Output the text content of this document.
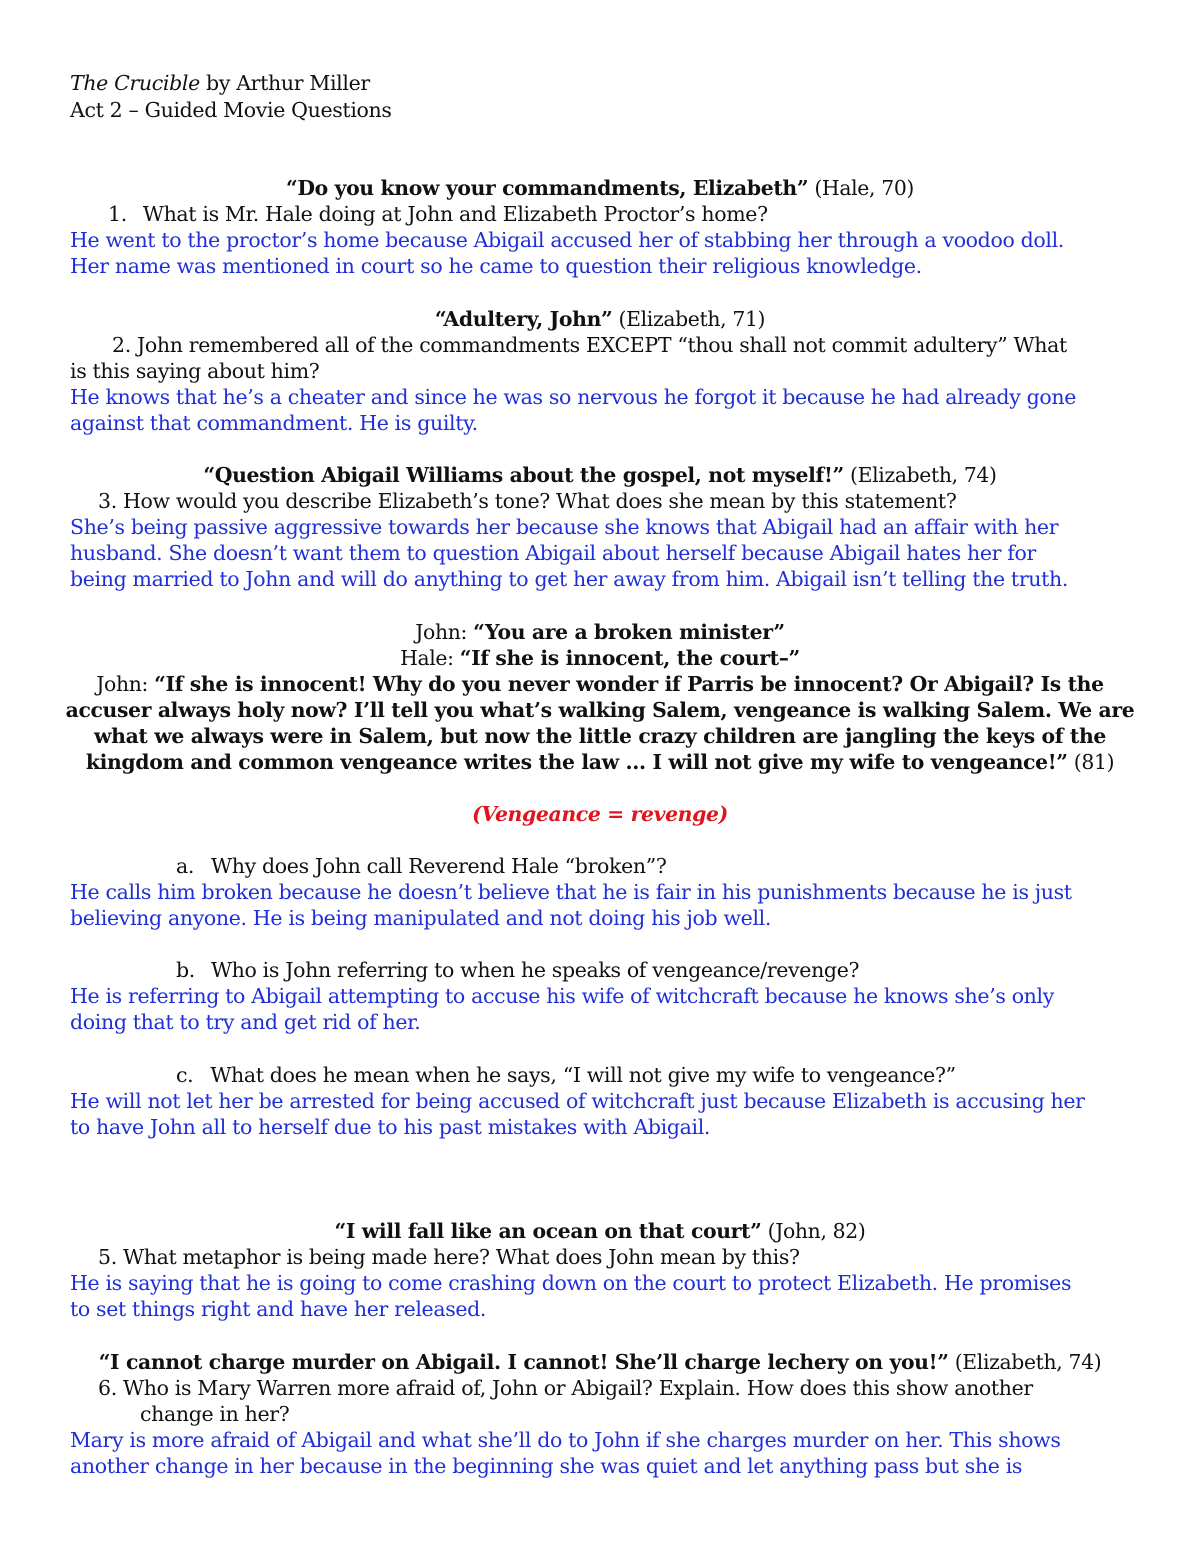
The Crucible by Arthur Miller
Act 2 – Guided Movie Questions
“Do you know your commandments, Elizabeth” (Hale, 70)
1. What is Mr. Hale doing at John and Elizabeth Proctor’s home?
He went to the proctor’s home because Abigail accused her of stabbing her through a voodoo doll.
Her name was mentioned in court so he came to question their religious knowledge.
“Adultery, John” (Elizabeth, 71)
2. John remembered all of the commandments EXCEPT “thou shall not commit adultery” What
is this saying about him?
He knows that he’s a cheater and since he was so nervous he forgot it because he had already gone
against that commandment. He is guilty.
“Question Abigail Williams about the gospel, not myself!” (Elizabeth, 74)
3. How would you describe Elizabeth’s tone? What does she mean by this statement?
She’s being passive aggressive towards her because she knows that Abigail had an affair with her
husband. She doesn’t want them to question Abigail about herself because Abigail hates her for
being married to John and will do anything to get her away from him. Abigail isn’t telling the truth.
John: “You are a broken minister”
Hale: “If she is innocent, the court–”
John: “If she is innocent! Why do you never wonder if Parris be innocent? Or Abigail? Is the
accuser always holy now? I’ll tell you what’s walking Salem, vengeance is walking Salem. We are
what we always were in Salem, but now the little crazy children are jangling the keys of the
kingdom and common vengeance writes the law ... I will not give my wife to vengeance!” (81)
(Vengeance = revenge)
a. Why does John call Reverend Hale “broken”?
He calls him broken because he doesn’t believe that he is fair in his punishments because he is just
believing anyone. He is being manipulated and not doing his job well.
b. Who is John referring to when he speaks of vengeance/revenge?
He is referring to Abigail attempting to accuse his wife of witchcraft because he knows she’s only
doing that to try and get rid of her.
c. What does he mean when he says, “I will not give my wife to vengeance?”
He will not let her be arrested for being accused of witchcraft just because Elizabeth is accusing her
to have John all to herself due to his past mistakes with Abigail.
“I will fall like an ocean on that court” (John, 82)
5. What metaphor is being made here? What does John mean by this?
He is saying that he is going to come crashing down on the court to protect Elizabeth. He promises
to set things right and have her released.
“I cannot charge murder on Abigail. I cannot! She’ll charge lechery on you!” (Elizabeth, 74)
6. Who is Mary Warren more afraid of, John or Abigail? Explain. How does this show another
change in her?
Mary is more afraid of Abigail and what she’ll do to John if she charges murder on her. This shows
another change in her because in the beginning she was quiet and let anything pass but she is
